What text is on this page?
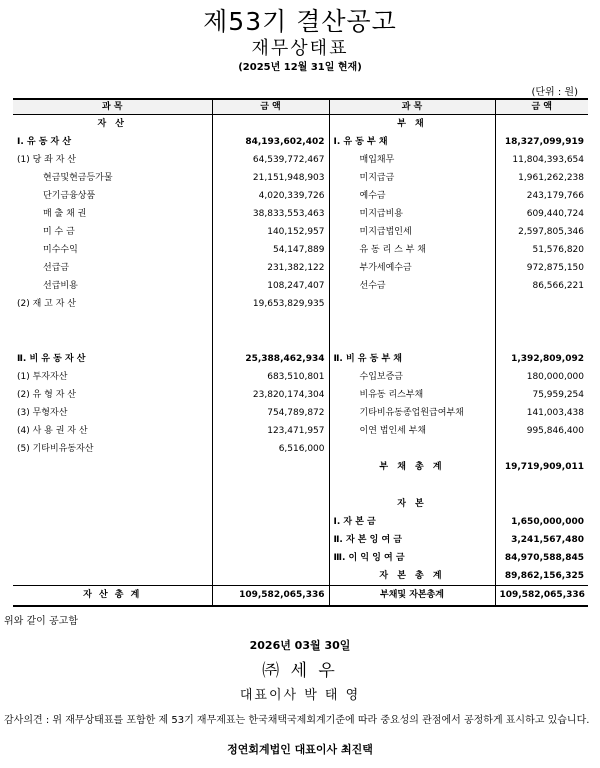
제53기 결산공고
재무상태표
(2025년 12월 31일 현재)
(단위 : 원)
과 목	금 액	과 목	금 액
자 산		부 채	
Ⅰ. 유 동 자 산	84,193,602,402	Ⅰ. 유 동 부 채	18,327,099,919
(1) 당 좌 자 산	64,539,772,467	매입채무	11,804,393,654
현금및현금등가물	21,151,948,903	미지급금	1,961,262,238
단기금융상품	4,020,339,726	예수금	243,179,766
매 출 채 권	38,833,553,463	미지급비용	609,440,724
미 수 금	140,152,957	미지급법인세	2,597,805,346
미수수익	54,147,889	유 동 리 스 부 채	51,576,820
선급금	231,382,122	부가세예수금	972,875,150
선급비용	108,247,407	선수금	86,566,221
(2) 재 고 자 산	19,653,829,935		

Ⅱ. 비 유 동 자 산	25,388,462,934	Ⅱ. 비 유 동 부 채	1,392,809,092
(1) 투자자산	683,510,801	수입보증금	180,000,000
(2) 유 형 자 산	23,820,174,304	비유동 리스부채	75,959,254
(3) 무형자산	754,789,872	기타비유동종업원급여부채	141,003,438
(4) 사 용 권 자 산	123,471,957	이연 법인세 부채	995,846,400
(5) 기타비유동자산	6,516,000		
		부 채 총 계	19,719,909,011

		자 본	
		Ⅰ. 자 본 금	1,650,000,000
		Ⅱ. 자 본 잉 여 금	3,241,567,480
		Ⅲ. 이 익 잉 여 금	84,970,588,845
		자 본 총 계	89,862,156,325
자 산 총 계	109,582,065,336	부채및 자본총계	109,582,065,336
위와 같이 공고함
2026년 03월 30일
㈜ 세 우
대표이사 박 태 영
감사의견 : 위 재무상태표를 포함한 제 53기 재무제표는 한국채택국제회계기준에 따라 중요성의 관점에서 공정하게 표시하고 있습니다.
정연회계법인 대표이사 최진택
